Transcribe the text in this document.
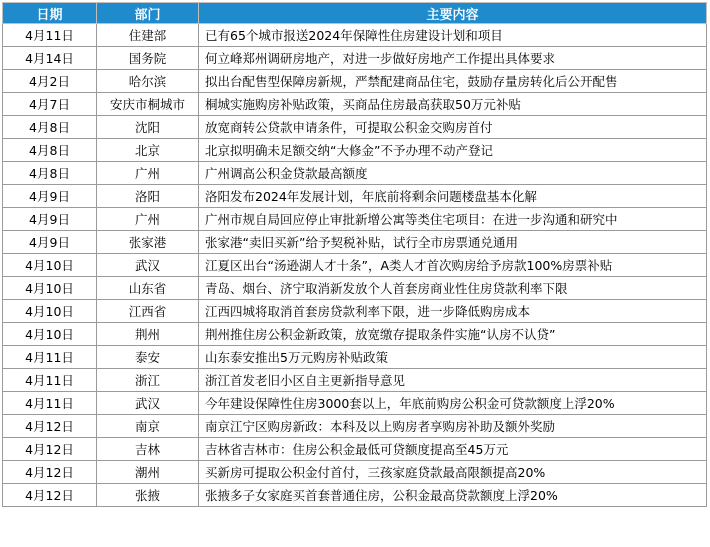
日期	部门	主要内容
4月11日	住建部	已有65个城市报送2024年保障性住房建设计划和项目
4月14日	国务院	何立峰郑州调研房地产，对进一步做好房地产工作提出具体要求
4月2日	哈尔滨	拟出台配售型保障房新规，严禁配建商品住宅，鼓励存量房转化后公开配售
4月7日	安庆市桐城市	桐城实施购房补贴政策，买商品住房最高获取50万元补贴
4月8日	沈阳	放宽商转公贷款申请条件，可提取公积金交购房首付
4月8日	北京	北京拟明确未足额交纳“大修金”不予办理不动产登记
4月8日	广州	广州调高公积金贷款最高额度
4月9日	洛阳	洛阳发布2024年发展计划，年底前将剩余问题楼盘基本化解
4月9日	广州	广州市规自局回应停止审批新增公寓等类住宅项目：在进一步沟通和研究中
4月9日	张家港	张家港“卖旧买新”给予契税补贴，试行全市房票通兑通用
4月10日	武汉	江夏区出台“汤逊湖人才十条”，A类人才首次购房给予房款100%房票补贴
4月10日	山东省	青岛、烟台、济宁取消新发放个人首套房商业性住房贷款利率下限
4月10日	江西省	江西四城将取消首套房贷款利率下限，进一步降低购房成本
4月10日	荆州	荆州推住房公积金新政策，放宽缴存提取条件实施“认房不认贷”
4月11日	泰安	山东泰安推出5万元购房补贴政策
4月11日	浙江	浙江首发老旧小区自主更新指导意见
4月11日	武汉	今年建设保障性住房3000套以上，年底前购房公积金可贷款额度上浮20%
4月12日	南京	南京江宁区购房新政：本科及以上购房者享购房补助及额外奖励
4月12日	吉林	吉林省吉林市：住房公积金最低可贷额度提高至45万元
4月12日	潮州	买新房可提取公积金付首付，三孩家庭贷款最高限额提高20%
4月12日	张掖	张掖多子女家庭买首套普通住房，公积金最高贷款额度上浮20%
